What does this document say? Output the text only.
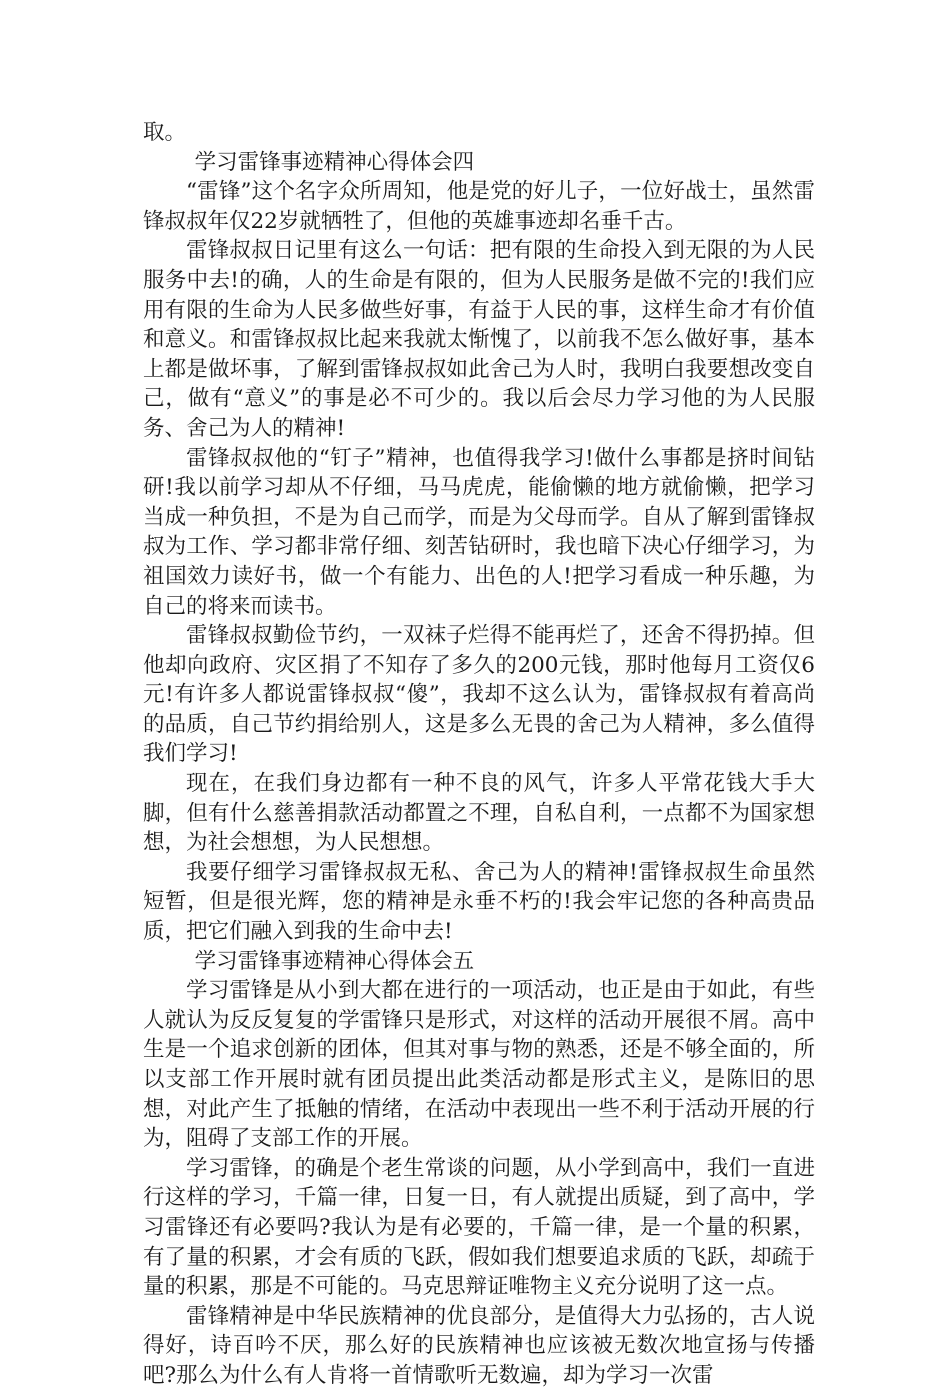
取。

学习雷锋事迹精神心得体会四

“雷锋”这个名字众所周知，他是党的好儿子，一位好战士，虽然雷锋叔叔年仅22岁就牺牲了，但他的英雄事迹却名垂千古。

雷锋叔叔日记里有这么一句话：把有限的生命投入到无限的为人民服务中去!的确，人的生命是有限的，但为人民服务是做不完的!我们应用有限的生命为人民多做些好事，有益于人民的事，这样生命才有价值和意义。和雷锋叔叔比起来我就太惭愧了，以前我不怎么做好事，基本上都是做坏事，了解到雷锋叔叔如此舍己为人时，我明白我要想改变自己，做有“意义”的事是必不可少的。我以后会尽力学习他的为人民服务、舍己为人的精神!

雷锋叔叔他的“钉子”精神，也值得我学习!做什么事都是挤时间钻研!我以前学习却从不仔细，马马虎虎，能偷懒的地方就偷懒，把学习当成一种负担，不是为自己而学，而是为父母而学。自从了解到雷锋叔叔为工作、学习都非常仔细、刻苦钻研时，我也暗下决心仔细学习，为祖国效力读好书，做一个有能力、出色的人!把学习看成一种乐趣，为自己的将来而读书。

雷锋叔叔勤俭节约，一双袜子烂得不能再烂了，还舍不得扔掉。但他却向政府、灾区捐了不知存了多久的200元钱，那时他每月工资仅6元!有许多人都说雷锋叔叔“傻”，我却不这么认为，雷锋叔叔有着高尚的品质，自己节约捐给别人，这是多么无畏的舍己为人精神，多么值得我们学习!

现在，在我们身边都有一种不良的风气，许多人平常花钱大手大脚，但有什么慈善捐款活动都置之不理，自私自利，一点都不为国家想想，为社会想想，为人民想想。

我要仔细学习雷锋叔叔无私、舍己为人的精神!雷锋叔叔生命虽然短暂，但是很光辉，您的精神是永垂不朽的!我会牢记您的各种高贵品质，把它们融入到我的生命中去!

学习雷锋事迹精神心得体会五

学习雷锋是从小到大都在进行的一项活动，也正是由于如此，有些人就认为反反复复的学雷锋只是形式，对这样的活动开展很不屑。高中生是一个追求创新的团体，但其对事与物的熟悉，还是不够全面的，所以支部工作开展时就有团员提出此类活动都是形式主义，是陈旧的思想，对此产生了抵触的情绪，在活动中表现出一些不利于活动开展的行为，阻碍了支部工作的开展。

学习雷锋，的确是个老生常谈的问题，从小学到高中，我们一直进行这样的学习，千篇一律，日复一日，有人就提出质疑，到了高中，学习雷锋还有必要吗?我认为是有必要的，千篇一律，是一个量的积累，有了量的积累，才会有质的飞跃，假如我们想要追求质的飞跃，却疏于量的积累，那是不可能的。马克思辩证唯物主义充分说明了这一点。

雷锋精神是中华民族精神的优良部分，是值得大力弘扬的，古人说得好，诗百吟不厌，那么好的民族精神也应该被无数次地宣扬与传播吧?那么为什么有人肯将一首情歌听无数遍，却为学习一次雷
